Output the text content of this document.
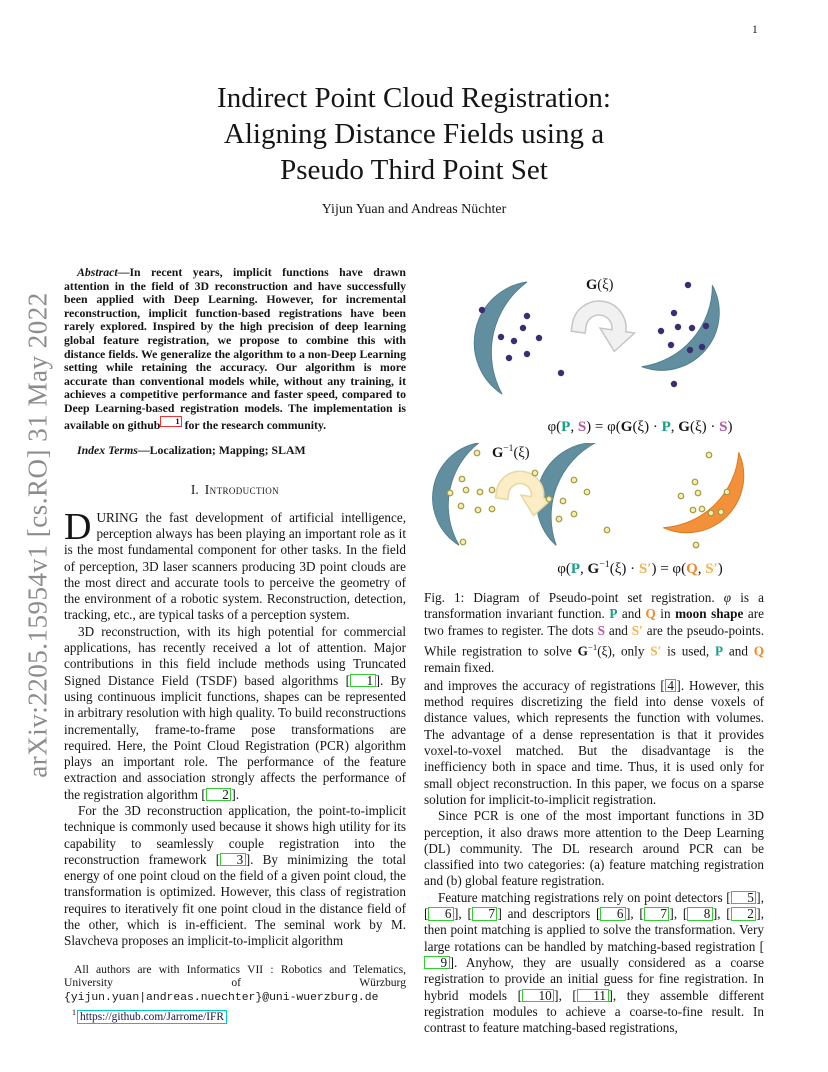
1
arXiv:2205.15954v1 [cs.RO] 31 May 2022
Indirect Point Cloud Registration:
Aligning Distance Fields using a
Pseudo Third Point Set
Yijun Yuan and Andreas Nüchter

Abstract—In recent years, implicit functions have drawn attention in the field of 3D reconstruction and have successfully been applied with Deep Learning. However, for incremental reconstruction, implicit function-based registrations have been rarely explored. Inspired by the high precision of deep learning global feature registration, we propose to combine this with distance fields. We generalize the algorithm to a non-Deep Learning setting while retaining the accuracy. Our algorithm is more accurate than conventional models while, without any training, it achieves a competitive performance and faster speed, compared to Deep Learning-based registration models. The implementation is available on github 1 for the research community.

Index Terms—Localization; Mapping; SLAM

I. Introduction

DURING the fast development of artificial intelligence, perception always has been playing an important role as it is the most fundamental component for other tasks. In the field of perception, 3D laser scanners producing 3D point clouds are the most direct and accurate tools to perceive the geometry of the environment of a robotic system. Reconstruction, detection, tracking, etc., are typical tasks of a perception system.

3D reconstruction, with its high potential for commercial applications, has recently received a lot of attention. Major contributions in this field include methods using Truncated Signed Distance Field (TSDF) based algorithms [ 1 ]. By using continuous implicit functions, shapes can be represented in arbitrary resolution with high quality. To build reconstructions incrementally, frame-to-frame pose transformations are required. Here, the Point Cloud Registration (PCR) algorithm plays an important role. The performance of the feature extraction and association strongly affects the performance of the registration algorithm [ 2 ].

For the 3D reconstruction application, the point-to-implicit technique is commonly used because it shows high utility for its capability to seamlessly couple registration into the reconstruction framework [ 3 ]. By minimizing the total energy of one point cloud on the field of a given point cloud, the transformation is optimized. However, this class of registration requires to iteratively fit one point cloud in the distance field of the other, which is in-efficient. The seminal work by M. Slavcheva proposes an implicit-to-implicit algorithm

All authors are with Informatics VII : Robotics and Telematics, University of Würzburg {yijun.yuan|andreas.nuechter}@uni-wuerzburg.de

$^1$ https://github.com/Jarrome/IFR

G(ξ)
φ(P, S) = φ(G(ξ) · P, G(ξ) · S)
$G^{-1}(\xi)$
φ(P, $G^{-1}(\xi) \cdot S') = \varphi(Q$, S′)
Fig. 1: Diagram of Pseudo-point set registration. φ is a transformation invariant function. P and Q in moon shape are two frames to register. The dots S and S′ are the pseudo-points. While registration to solve $G^{-1}(\xi)$, only S′ is used, P and Q remain fixed.

and improves the accuracy of registrations [ 4 ]. However, this method requires discretizing the field into dense voxels of distance values, which represents the function with volumes. The advantage of a dense representation is that it provides voxel-to-voxel matched. But the disadvantage is the inefficiency both in space and time. Thus, it is used only for small object reconstruction. In this paper, we focus on a sparse solution for implicit-to-implicit registration.

Since PCR is one of the most important functions in 3D perception, it also draws more attention to the Deep Learning (DL) community. The DL research around PCR can be classified into two categories: (a) feature matching registration and (b) global feature registration.

Feature matching registrations rely on point detectors [ 5 ], [ 6 ], [ 7 ] and descriptors [ 6 ], [ 7 ], [ 8 ], [ 2 ], then point matching is applied to solve the transformation. Very large rotations can be handled by matching-based registration [9 ]. Anyhow, they are usually considered as a coarse registration to provide an initial guess for fine registration. In hybrid models [ 10 ], [ 11 ], they assemble different registration modules to achieve a coarse-to-fine result. In contrast to feature matching-based registrations,
